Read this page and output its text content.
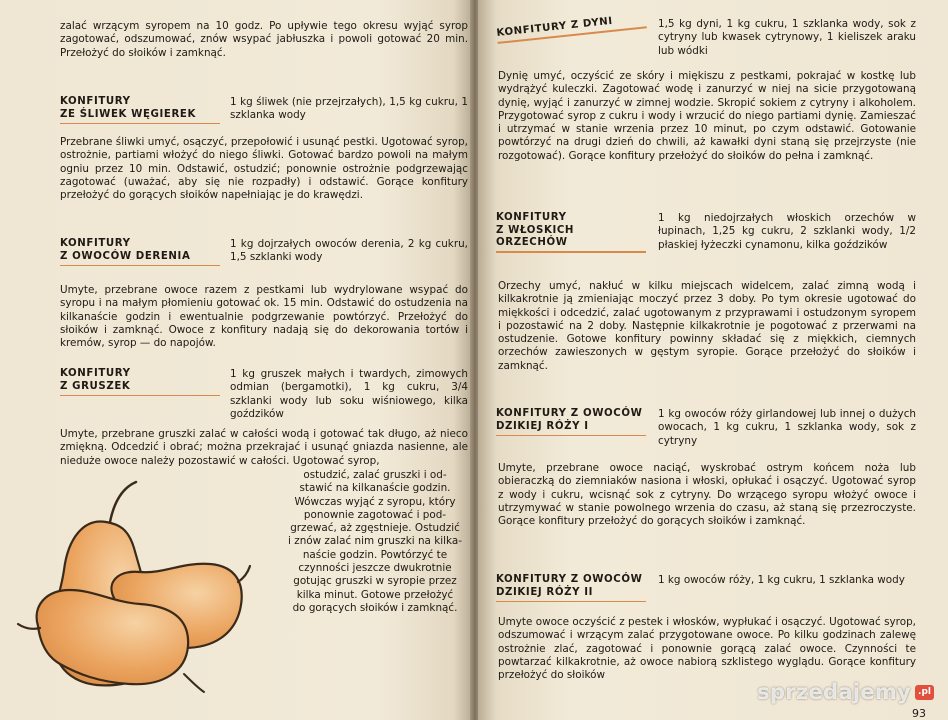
zalać wrzącym syropem na 10 godz. Po upływie tego okresu wyjąć syrop zagotować, odszumować, znów wsypać jabłuszka i powoli gotować 20 min. Przełożyć do słoików i zamknąć.

KONFITURY
ZE ŚLIWEK WĘGIEREK
1 kg śliwek (nie przejrzałych), 1,5 kg cukru, 1 szklanka wody

Przebrane śliwki umyć, osączyć, przepołowić i usunąć pestki. Ugotować syrop, ostrożnie, partiami włożyć do niego śliwki. Gotować bardzo powoli na małym ogniu przez 10 min. Odstawić, ostudzić; ponownie ostrożnie podgrzewając zagotować (uważać, aby się nie rozpadły) i odstawić. Gorące konfitury przełożyć do gorących słoików napełniając je do krawędzi.

KONFITURY
Z OWOCÓW DERENIA
1 kg dojrzałych owoców derenia, 2 kg cukru, 1,5 szklanki wody

Umyte, przebrane owoce razem z pestkami lub wydrylowane wsypać do syropu i na małym płomieniu gotować ok. 15 min. Odstawić do ostudzenia na kilkanaście godzin i ewentualnie podgrzewanie powtórzyć. Przełożyć do słoików i zamknąć. Owoce z konfitury nadają się do dekorowania tortów i kremów, syrop — do napojów.

KONFITURY
Z GRUSZEK
1 kg gruszek małych i twardych, zimowych odmian (bergamotki), 1 kg cukru, 3/4 szklanki wody lub soku wiśniowego, kilka goździków

Umyte, przebrane gruszki zalać w całości wodą i gotować tak długo, aż nieco zmiękną. Odcedzić i obrać; można przekrajać i usunąć gniazda nasienne, ale nieduże owoce należy pozostawić w całości. Ugotować syrop,

ostudzić, zalać gruszki i od-
stawić na kilkanaście godzin.
Wówczas wyjąć z syropu, który
ponownie zagotować i pod-
grzewać, aż zgęstnieje. Ostudzić
i znów zalać nim gruszki na kilka-
naście godzin. Powtórzyć te
czynności jeszcze dwukrotnie
gotując gruszki w syropie przez
kilka minut. Gotowe przełożyć
do gorących słoików i zamknąć.
KONFITURY Z DYNI	1,5 kg dyni, 1 kg cukru, 1 szklanka wody, sok z cytryny lub kwasek cytrynowy, 1 kieliszek araku lub wódki

Dynię umyć, oczyścić ze skóry i miękiszu z pestkami, pokrajać w kostkę lub wydrążyć kuleczki. Zagotować wodę i zanurzyć w niej na sicie przygotowaną dynię, wyjąć i zanurzyć w zimnej wodzie. Skropić sokiem z cytryny i alkoholem. Przygotować syrop z cukru i wody i wrzucić do niego partiami dynię. Zamieszać i utrzymać w stanie wrzenia przez 10 minut, po czym odstawić. Gotowanie powtórzyć na drugi dzień do chwili, aż kawałki dyni staną się przejrzyste (nie rozgotować). Gorące konfitury przełożyć do słoików do pełna i zamknąć.

KONFITURY
Z WŁOSKICH
ORZECHÓW
1 kg niedojrzałych włoskich orzechów w łupinach, 1,25 kg cukru, 2 szklanki wody, 1/2 płaskiej łyżeczki cynamonu, kilka goździków

Orzechy umyć, nakłuć w kilku miejscach widelcem, zalać zimną wodą i kilkakrotnie ją zmieniając moczyć przez 3 doby. Po tym okresie ugotować do miękkości i odcedzić, zalać ugotowanym z przyprawami i ostudzonym syropem i pozostawić na 2 doby. Następnie kilkakrotnie je pogotować z przerwami na ostudzenie. Gotowe konfitury powinny składać się z miękkich, ciemnych orzechów zawieszonych w gęstym syropie. Gorące przełożyć do słoików i zamknąć.

KONFITURY Z OWOCÓW
DZIKIEJ RÓŻY I
1 kg owoców róży girlandowej lub innej o dużych owocach, 1 kg cukru, 1 szklanka wody, sok z cytryny

Umyte, przebrane owoce naciąć, wyskrobać ostrym końcem noża lub obieraczką do ziemniaków nasiona i włoski, opłukać i osączyć. Ugotować syrop z wody i cukru, wcisnąć sok z cytryny. Do wrzącego syropu włożyć owoce i utrzymywać w stanie powolnego wrzenia do czasu, aż staną się przezroczyste. Gorące konfitury przełożyć do gorących słoików i zamknąć.

KONFITURY Z OWOCÓW
DZIKIEJ RÓŻY II
1 kg owoców róży, 1 kg cukru, 1 szklanka wody

Umyte owoce oczyścić z pestek i włosków, wypłukać i osączyć. Ugotować syrop, odszumować i wrzącym zalać przygotowane owoce. Po kilku godzinach zalewę ostrożnie zlać, zagotować i ponownie gorącą zalać owoce. Czynności te powtarzać kilkakrotnie, aż owoce nabiorą szklistego wyglądu. Gorące konfitury przełożyć do słoików

sprzedajemy .pl
93
